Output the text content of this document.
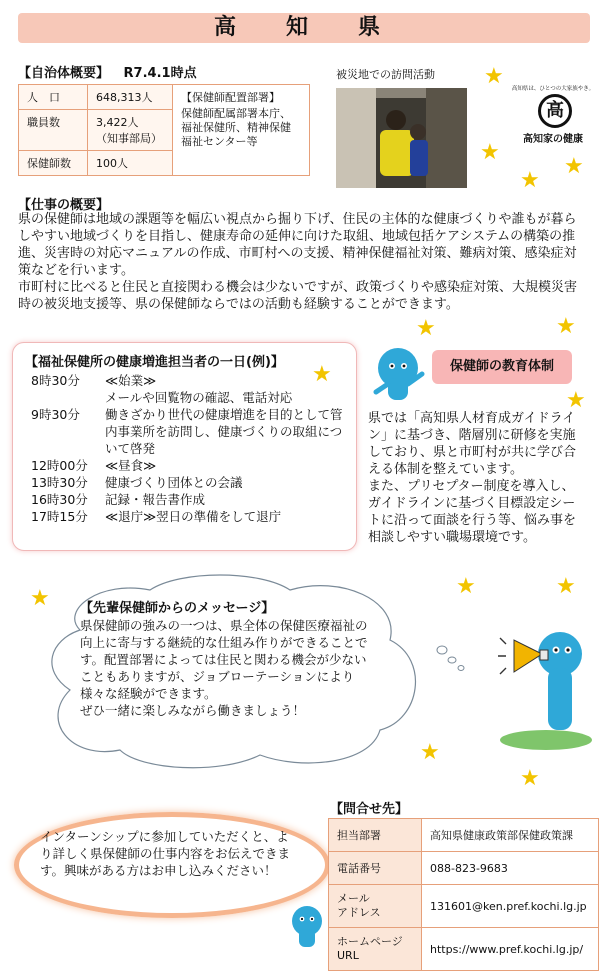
高　知　県
【自治体概要】 R7.4.1時点
人　口	648,313人	【保健師配置部署】
保健師配属部署本庁、福祉保健所、精神保健福祉センター等

職員数	3,422人
（知事部局）	

保健師数	100人	
被災地での訪問活動
高知県は、ひとつの大家族やき。
高
高知家の健康
【仕事の概要】
県の保健師は地域の課題等を幅広い視点から掘り下げ、住民の主体的な健康づくりや誰もが暮らしやすい地域づくりを目指し、健康寿命の延伸に向けた取組、地域包括ケアシステムの構築の推進、災害時の対応マニュアルの作成、市町村への支援、精神保健福祉対策、難病対策、感染症対策などを行います。
市町村に比べると住民と直接関わる機会は少ないですが、政策づくりや感染症対策、大規模災害時の被災地支援等、県の保健師ならではの活動も経験することができます。
【福祉保健所の健康増進担当者の一日(例)】
8時30分	≪始業≫
メールや回覧物の確認、電話対応
9時30分	働きざかり世代の健康増進を目的として管内事業所を訪問し、健康づくりの取組について啓発
12時00分	≪昼食≫
13時30分	健康づくり団体との会議
16時30分	記録・報告書作成
17時15分	≪退庁≫翌日の準備をして退庁
保健師の教育体制
県では「高知県人材育成ガイドライン」に基づき、階層別に研修を実施しており、県と市町村が共に学び合える体制を整えています。
また、プリセプター制度を導入し、ガイドラインに基づく目標設定シートに沿って面談を行う等、悩み事を相談しやすい職場環境です。
【先輩保健師からのメッセージ】
県保健師の強みの一つは、県全体の保健医療福祉の向上に寄与する継続的な仕組み作りができることです。配置部署によっては住民と関わる機会が少ないこともありますが、ジョブローテーションにより様々な経験ができます。
ぜひ一緒に楽しみながら働きましょう！
インターンシップに参加していただくと、より詳しく県保健師の仕事内容をお伝えできます。興味がある方はお申し込みください！
【問合せ先】
担当部署	高知県健康政策部保健政策課
電話番号	088-823-9683
メール
アドレス	131601@ken.pref.kochi.lg.jp
ホームページ
URL	https://www.pref.kochi.lg.jp/
★
★
★
★
★	★
★
★
★	★	★
★
★
